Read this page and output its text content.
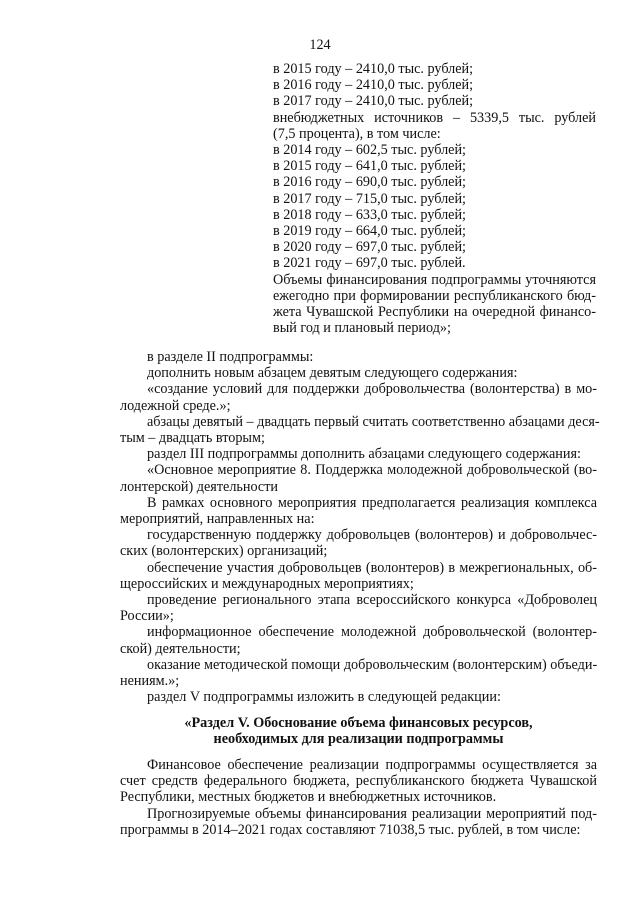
124
в 2015 году – 2410,0 тыс. рублей;
в 2016 году – 2410,0 тыс. рублей;
в 2017 году – 2410,0 тыс. рублей;
внебюджетных источников – 5339,5 тыс. рублей
(7,5 процента), в том числе:
в 2014 году – 602,5 тыс. рублей;
в 2015 году – 641,0 тыс. рублей;
в 2016 году – 690,0 тыс. рублей;
в 2017 году – 715,0 тыс. рублей;
в 2018 году – 633,0 тыс. рублей;
в 2019 году – 664,0 тыс. рублей;
в 2020 году – 697,0 тыс. рублей;
в 2021 году – 697,0 тыс. рублей.
Объемы финансирования подпрограммы уточняются
ежегодно при формировании республиканского бюд-
жета Чувашской Республики на очередной финансо-
вый год и плановый период»;
в разделе II подпрограммы:
дополнить новым абзацем девятым следующего содержания:
«создание условий для поддержки добровольчества (волонтерства) в мо-
лодежной среде.»;
абзацы девятый – двадцать первый считать соответственно абзацами деся-
тым – двадцать вторым;
раздел III подпрограммы дополнить абзацами следующего содержания:
«Основное мероприятие 8. Поддержка молодежной добровольческой (во-
лонтерской) деятельности
В рамках основного мероприятия предполагается реализация комплекса
мероприятий, направленных на:
государственную поддержку добровольцев (волонтеров) и добровольчес-
ских (волонтерских) организаций;
обеспечение участия добровольцев (волонтеров) в межрегиональных, об-
щероссийских и международных мероприятиях;
проведение регионального этапа всероссийского конкурса «Доброволец
России»;
информационное обеспечение молодежной добровольческой (волонтер-
ской) деятельности;
оказание методической помощи добровольческим (волонтерским) объеди-
нениям.»;
раздел V подпрограммы изложить в следующей редакции:
«Раздел V. Обоснование объема финансовых ресурсов,
необходимых для реализации подпрограммы
Финансовое обеспечение реализации подпрограммы осуществляется за
счет средств федерального бюджета, республиканского бюджета Чувашской
Республики, местных бюджетов и внебюджетных источников.
Прогнозируемые объемы финансирования реализации мероприятий под-
программы в 2014–2021 годах составляют 71038,5 тыс. рублей, в том числе:
